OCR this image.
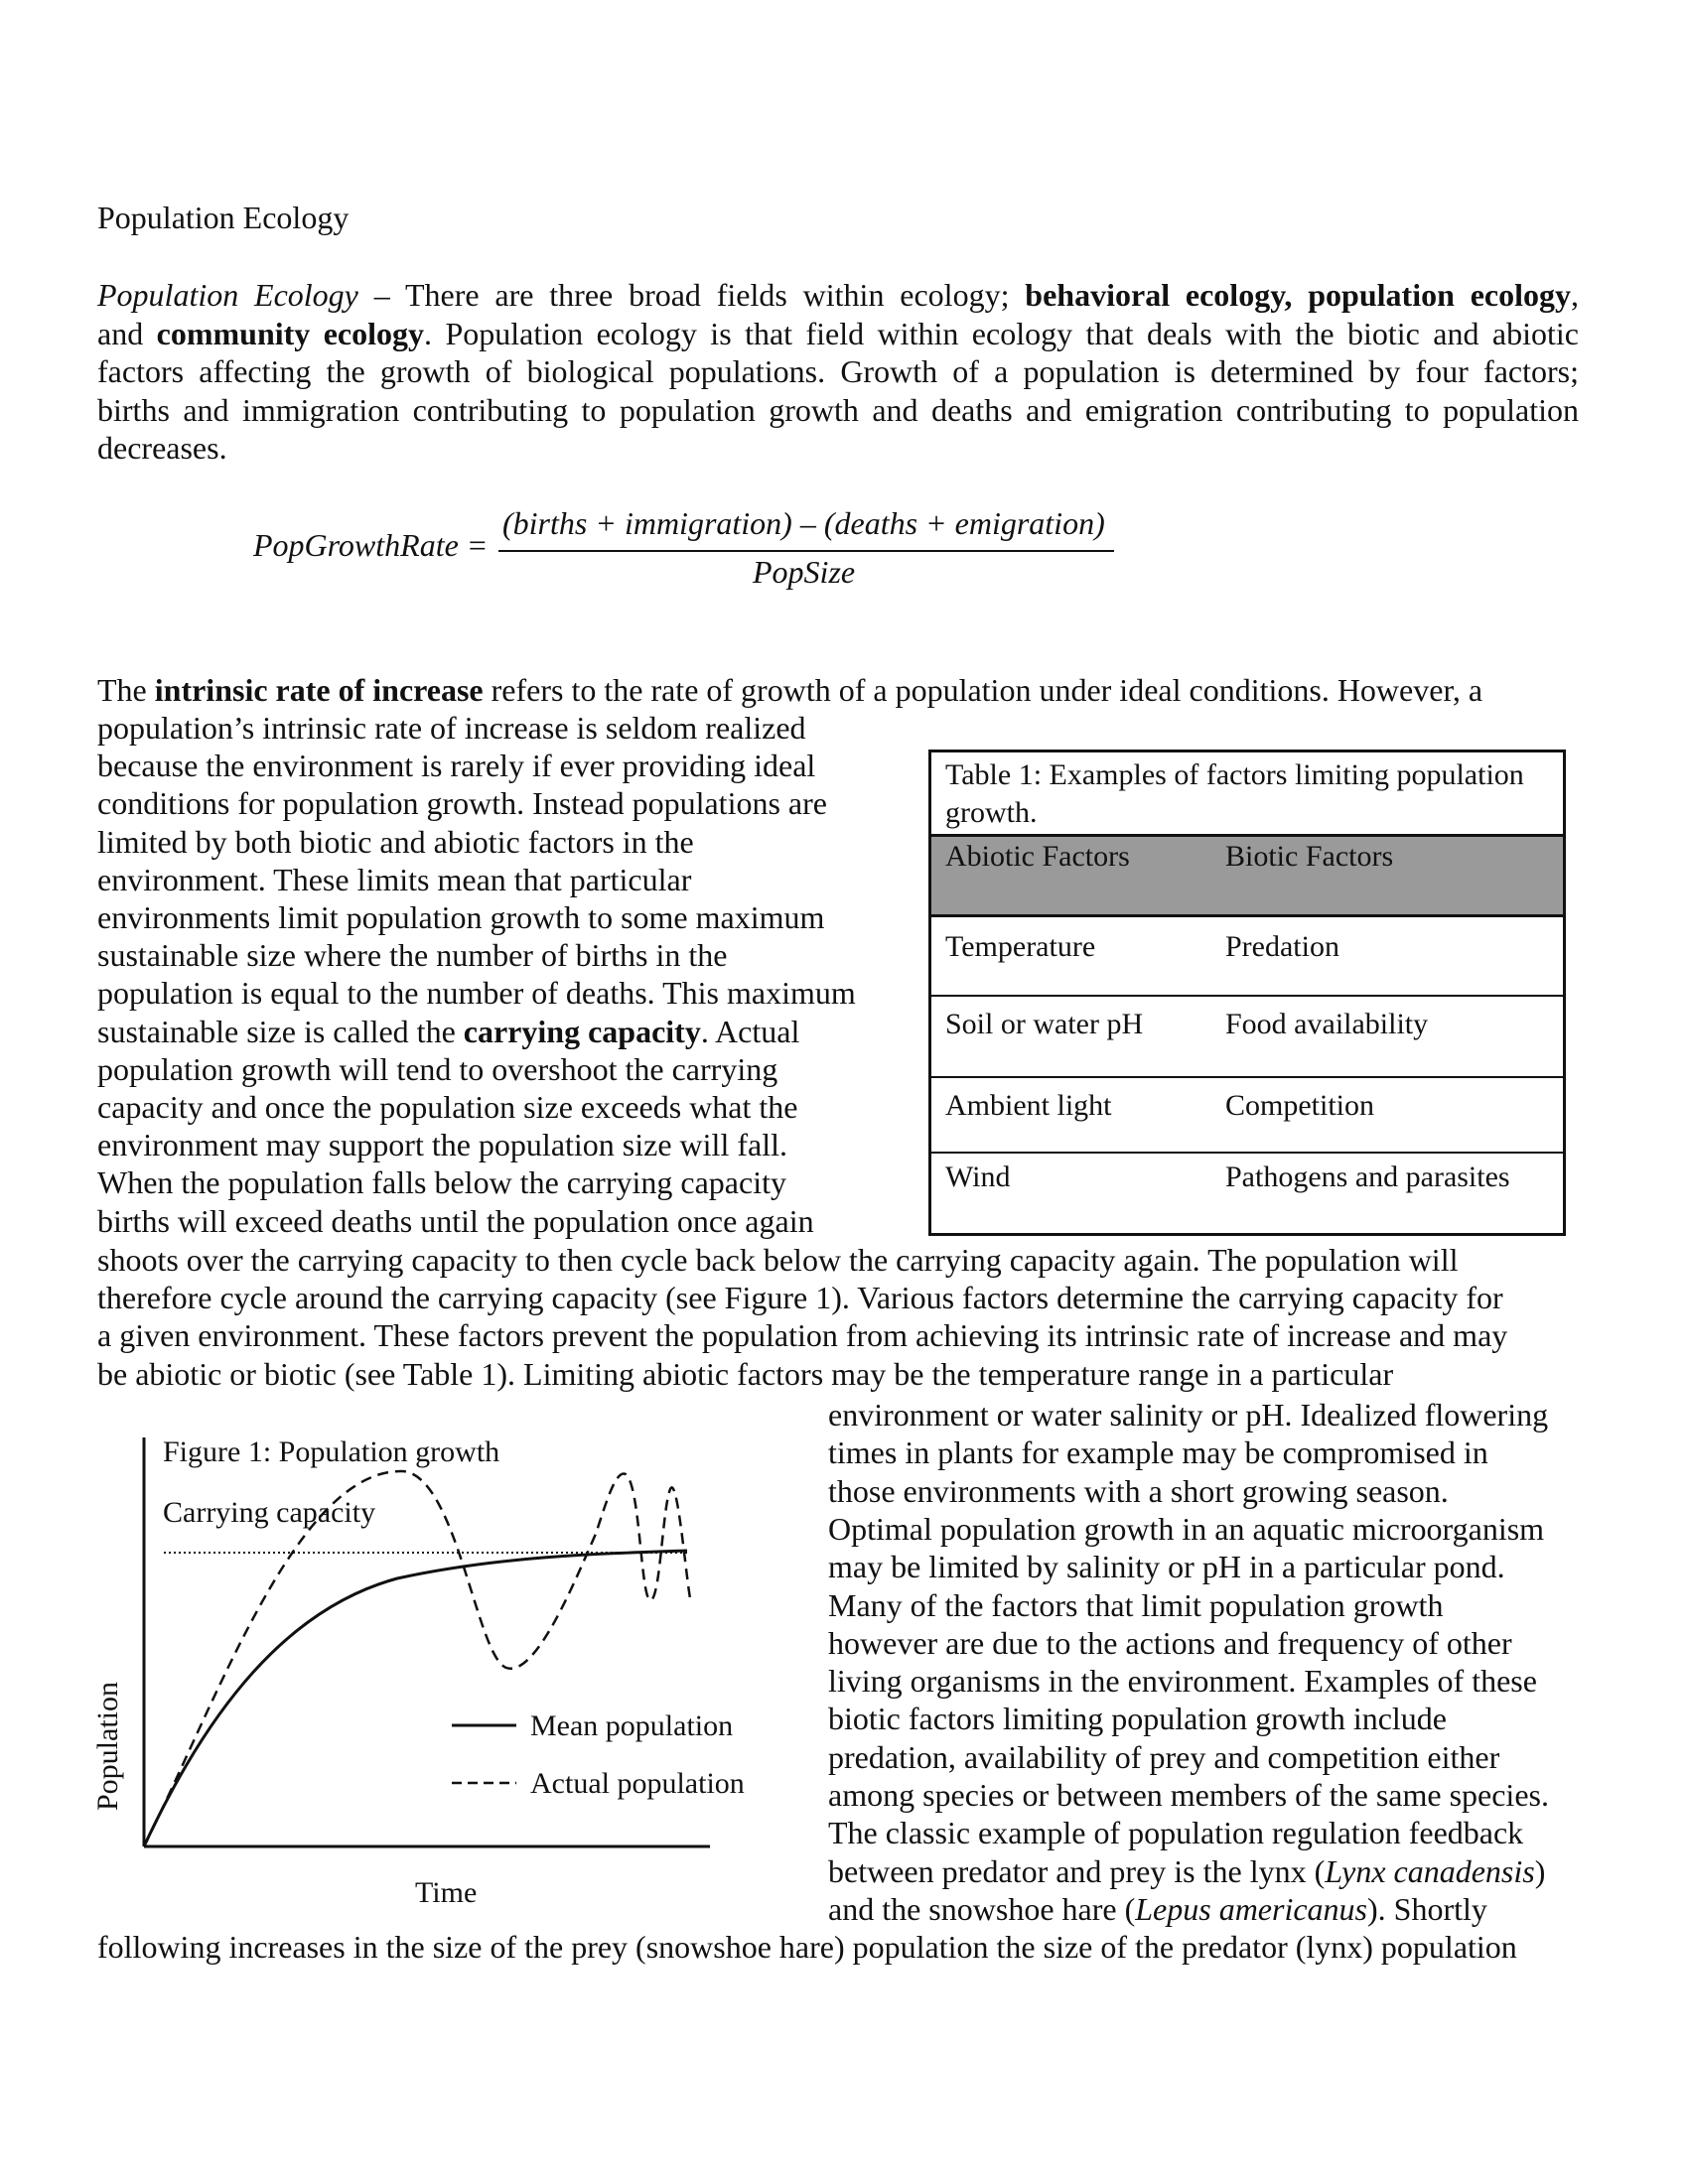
Population Ecology
Population Ecology – There are three broad fields within ecology; behavioral ecology, population ecology,
and community ecology. Population ecology is that field within ecology that deals with the biotic and abiotic
factors affecting the growth of biological populations. Growth of a population is determined by four factors;
births and immigration contributing to population growth and deaths and emigration contributing to population
decreases.
PopGrowthRate =
(births + immigration) – (deaths + emigration)
PopSize
The intrinsic rate of increase refers to the rate of growth of a population under ideal conditions. However, a
population’s intrinsic rate of increase is seldom realized
because the environment is rarely if ever providing ideal
conditions for population growth. Instead populations are
limited by both biotic and abiotic factors in the
environment. These limits mean that particular
environments limit population growth to some maximum
sustainable size where the number of births in the
population is equal to the number of deaths. This maximum
sustainable size is called the carrying capacity. Actual
population growth will tend to overshoot the carrying
capacity and once the population size exceeds what the
environment may support the population size will fall.
When the population falls below the carrying capacity
births will exceed deaths until the population once again
shoots over the carrying capacity to then cycle back below the carrying capacity again. The population will
therefore cycle around the carrying capacity (see Figure 1). Various factors determine the carrying capacity for
a given environment. These factors prevent the population from achieving its intrinsic rate of increase and may
be abiotic or biotic (see Table 1). Limiting abiotic factors may be the temperature range in a particular
Table 1: Examples of factors limiting population
growth.
Abiotic Factors	Biotic Factors
Temperature	Predation
Soil or water pH	Food availability
Ambient light	Competition
Wind	Pathogens and parasites
Figure 1: Population growth
Carrying capacity
Mean population
Actual population
Population
Time
environment or water salinity or pH. Idealized flowering
times in plants for example may be compromised in
those environments with a short growing season.
Optimal population growth in an aquatic microorganism
may be limited by salinity or pH in a particular pond.
Many of the factors that limit population growth
however are due to the actions and frequency of other
living organisms in the environment. Examples of these
biotic factors limiting population growth include
predation, availability of prey and competition either
among species or between members of the same species.
The classic example of population regulation feedback
between predator and prey is the lynx (Lynx canadensis)
and the snowshoe hare (Lepus americanus). Shortly
following increases in the size of the prey (snowshoe hare) population the size of the predator (lynx) population
